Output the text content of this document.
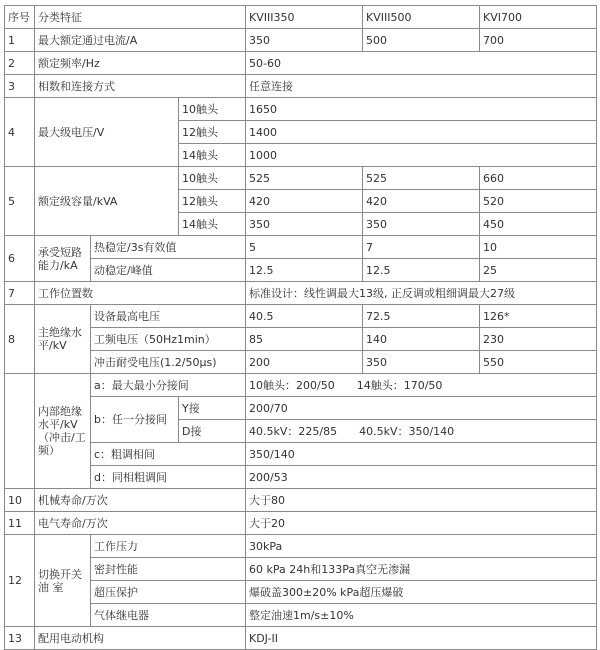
序号	分类特征			KVIII350	KVIII500	KVI700
1	最大额定通过电流/A			350	500	700
2	额定频率/Hz			50-60		
3	相数和连接方式			任意连接		
4	最大级电压/V		10触头	1650		
			12触头	1400		
			14触头	1000		
5	额定级容量/kVA		10触头	525	525	660
			12触头	420	420	520
			14触头	350	350	450
6	承受短路能力/kA	热稳定/3s有效值		5	7	10
		动稳定/峰值		12.5	12.5	25
7	工作位置数			标准设计：线性调最大13级, 正反调或粗细调最大27级		
8	主绝缘水平/kV	设备最高电压		40.5	72.5	126*
		工频电压（50Hz1min）		85	140	230
		冲击耐受电压(1.2/50μs)		200	350	550
	内部绝缘水平/kV（冲击/工频）	a：最大最小分接间		10触头：200/50　　14触头：170/50		
		b：任一分接间	Y接	200/70		
			D接	40.5kV：225/85　　40.5kV：350/140		
		c：粗调相间		350/140		
		d：同相粗调间		200/53		
10	机械寿命/万次			大于80		
11	电气寿命/万次			大于20		
12	切换开关油 室	工作压力		30kPa		
		密封性能		60 kPa 24h和133Pa真空无渗漏		
		超压保护		爆破盖300±20% kPa超压爆破		
		气体继电器		整定油速1m/s±10%		
13	配用电动机构			KDJ-II		
